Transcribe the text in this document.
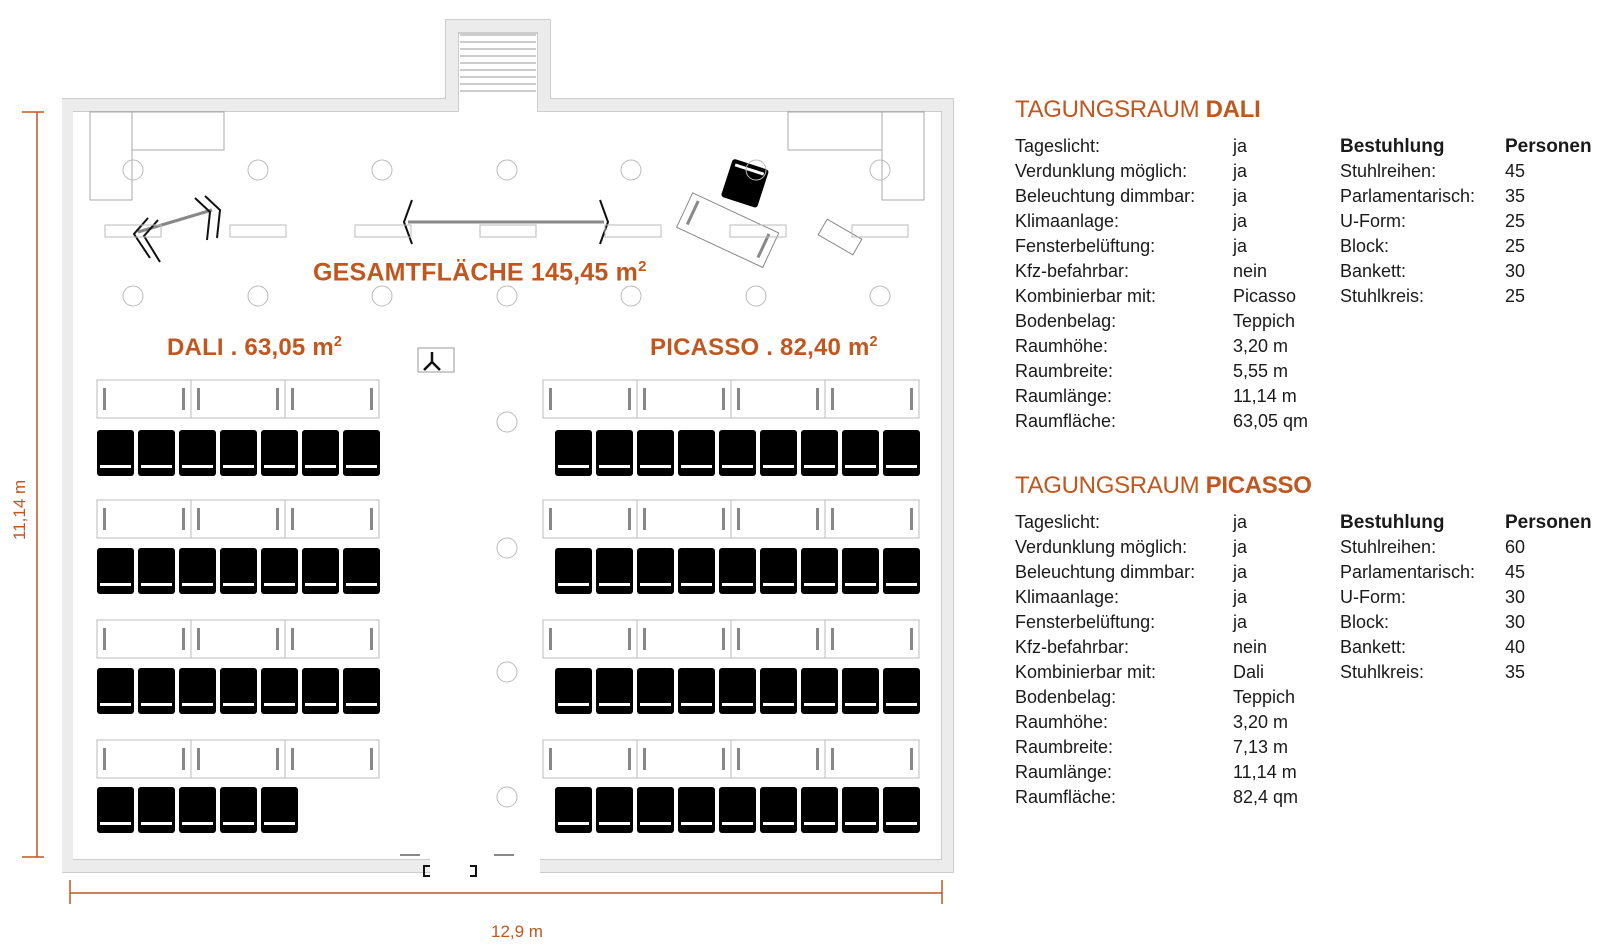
GESAMTFLÄCHE 145,45 $m^2$
DALI . 63,05 $m^2$	PICASSO . 82,40 $m^2$
12,9 m
11,14 m
TAGUNGSRAUM DALI
Tageslicht:	ja
Verdunklung möglich:	ja
Beleuchtung dimmbar: ja
Klimaanlage:	ja
Fensterbelüftung:	ja
Kfz-befahrbar:	nein
Kombinierbar mit:	Picasso
Bodenbelag:	Teppich
Raumhöhe:	3,20 m
Raumbreite:	5,55 m
Raumlänge:	11,14 m
Raumfläche:	63,05 qm
Bestuhlung	Personen
Stuhlreihen:	45
Parlamentarisch: 35
U-Form:	25
Block:	25
Bankett:	30
Stuhlkreis:	25
TAGUNGSRAUM PICASSO
Tageslicht:	ja
Verdunklung möglich:	ja
Beleuchtung dimmbar: ja
Klimaanlage:	ja
Fensterbelüftung:	ja
Kfz-befahrbar:	nein
Kombinierbar mit:	Dali
Bodenbelag:	Teppich
Raumhöhe:	3,20 m
Raumbreite:	7,13 m
Raumlänge:	11,14 m
Raumfläche:	82,4 qm
Bestuhlung	Personen
Stuhlreihen:	60
Parlamentarisch: 45
U-Form:	30
Block:	30
Bankett:	40
Stuhlkreis:	35
